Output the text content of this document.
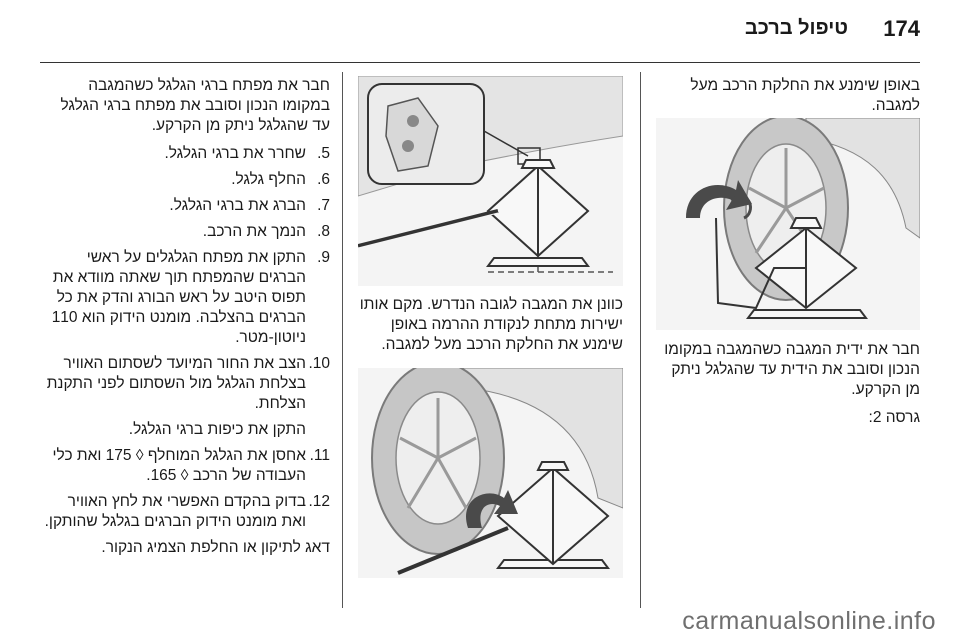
174
טיפול ברכב

באופן שימנע את החלקת הרכב מעל למגבה.

חבר את ידית המגבה כשהמגבה במקומו הנכון וסובב את הידית עד שהגלגל ניתק מן הקרקע.

גרסה 2:

כוונן את המגבה לגובה הנדרש. מקם אותו ישירות מתחת לנקודת ההרמה באופן שימנע את החלקת הרכב מעל למגבה.

חבר את מפתח ברגי הגלגל כשהמגבה במקומו הנכון וסובב את מפתח ברגי הגלגל עד שהגלגל ניתק מן הקרקע.

5.
שחרר את ברגי הגלגל.
6.
החלף גלגל.
7.
הברג את ברגי הגלגל.
8.
הנמך את הרכב.
9.
התקן את מפתח הגלגלים על ראשי הברגים שהמפתח תוך שאתה מוודא את תפוס היטב על ראש הבורג והדק את כל הברגים בהצלבה. מומנט הידוק הוא 110 ניוטון-מטר.
10.
הצב את החור המיועד לשסתום האוויר בצלחת הגלגל מול השסתום לפני התקנת הצלחת.

התקן את כיפות ברגי הגלגל.

11.
אחסן את הגלגל המוחלף ◊ 175 ואת כלי העבודה של הרכב ◊ 165.
12.
בדוק בהקדם האפשרי את לחץ האוויר ואת מומנט הידוק הברגים בגלגל שהותקן.

דאג לתיקון או החלפת הצמיג הנקור.

carmanualsonline.info
